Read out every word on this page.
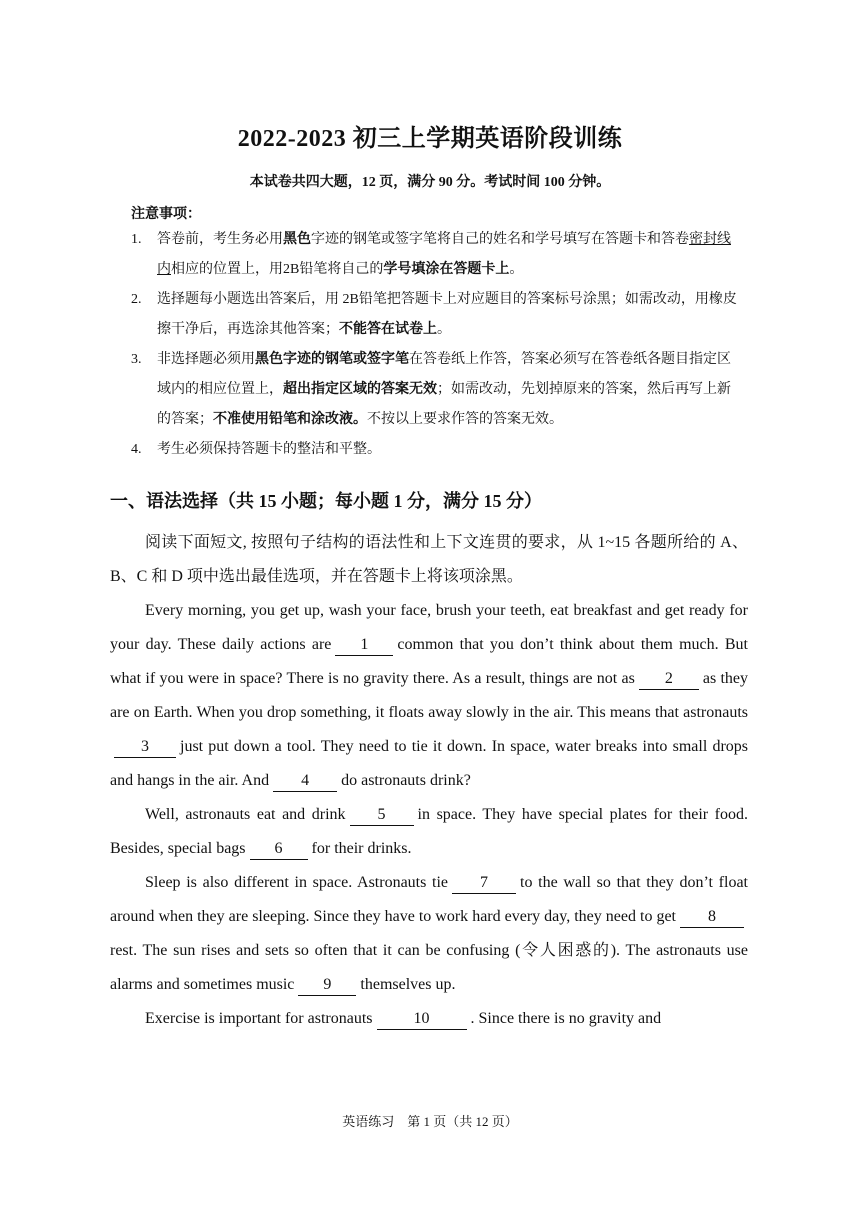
2022-2023 初三上学期英语阶段训练
本试卷共四大题，12 页，满分 90 分。考试时间 100 分钟。
注意事项：
1. 答卷前，考生务必用黑色字迹的钢笔或签字笔将自己的姓名和学号填写在答题卡和答卷密封线内相应的位置上，用2B铅笔将自己的学号填涂在答题卡上。
2. 选择题每小题选出答案后，用 2B铅笔把答题卡上对应题目的答案标号涂黑；如需改动，用橡皮擦干净后，再选涂其他答案；不能答在试卷上。
3. 非选择题必须用黑色字迹的钢笔或签字笔在答卷纸上作答，答案必须写在答卷纸各题目指定区域内的相应位置上，超出指定区域的答案无效；如需改动，先划掉原来的答案，然后再写上新的答案；不准使用铅笔和涂改液。不按以上要求作答的答案无效。
4. 考生必须保持答题卡的整洁和平整。
一、语法选择（共 15 小题；每小题 1 分，满分 15 分）

阅读下面短文, 按照句子结构的语法性和上下文连贯的要求，从 1~15 各题所给的 A、B、C 和 D 项中选出最佳选项，并在答题卡上将该项涂黑。

Every morning, you get up, wash your face, brush your teeth, eat breakfast and get ready for your day. These daily actions are 1 common that you don’t think about them much. But what if you were in space? There is no gravity there. As a result, things are not as 2 as they are on Earth. When you drop something, it floats away slowly in the air. This means that astronauts3 just put down a tool. They need to tie it down. In space, water breaks into small drops and hangs in the air. And 4 do astronauts drink?

Well, astronauts eat and drink 5 in space. They have special plates for their food. Besides, special bags 6 for their drinks.

Sleep is also different in space. Astronauts tie 7 to the wall so that they don’t float around when they are sleeping. Since they have to work hard every day, they need to get 8rest. The sun rises and sets so often that it can be confusing (令人困惑的). The astronauts use alarms and sometimes music 9 themselves up.

Exercise is important for astronauts	10	. Since there is no gravity and

英语练习　第 1 页（共 12 页）
